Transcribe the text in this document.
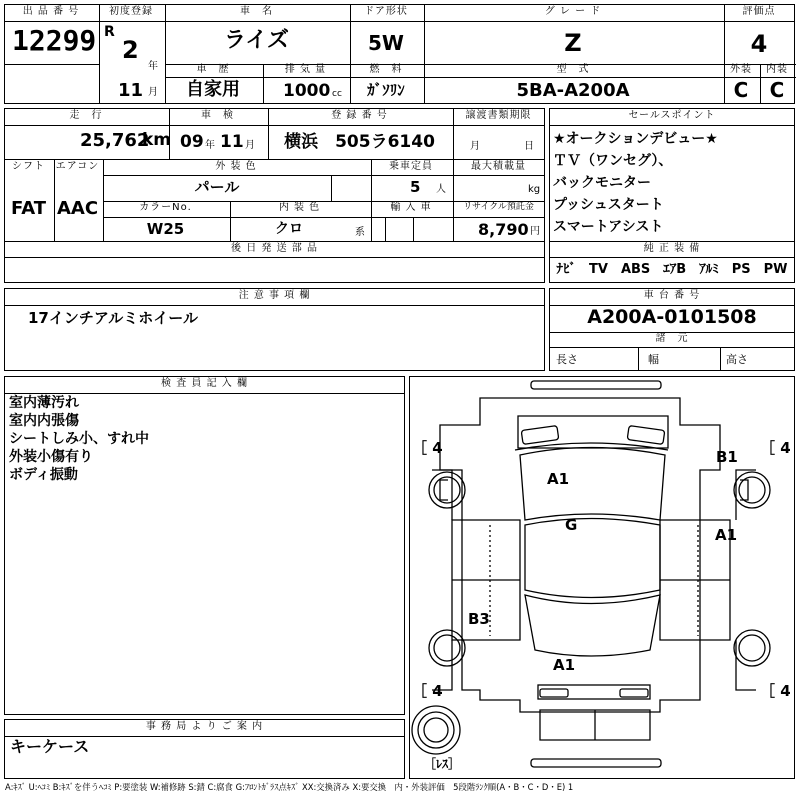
出 品 番 号
12299
初度登録
R
2
年
11 月
車　名
ライズ
ドア形状
5W
グ レ ー ド
Z
評価点
4
車　歴
自家用
排 気 量
1000 cc
燃　料
ｶﾞｿﾘﾝ
型　式
5BA-A200A
外装
C
内装
C
走　行
25,762
km
車　検
09 年 11 月
登 録 番 号
横浜　505ラ6140
譲渡書類期限
月	日
シフト
FAT
エアコン
AAC
外 装 色
パール
カラーNo.
W25
内 装 色
クロ	系
乗車定員
5 人
最大積載量
kg
輸 入 車	リサイクル預託金
8,790 円
後 日 発 送 部 品
セールスポイント
★オークションデビュー★
ＴＶ（ワンセグ）、
バックモニター
プッシュスタート
スマートアシスト
純 正 装 備
ﾅﾋﾞ　TV　ABS　ｴｱB　ｱﾙﾐ　PS　PW
注 意 事 項 欄
17インチアルミホイール
車 台 番 号
A200A-0101508
諸　元
長さ	幅	高さ
検 査 員 記 入 欄
室内薄汚れ
室内内張傷
シートしみ小、すれ中
外装小傷有り
ボディ振動
事 務 局 よ り ご 案 内
キーケース
［ 4	［ 4
［ 4	［ 4
A1
B1
G
A1
B3
A1
［ﾚｽ］
A:ｷｽﾞ U:ﾍｺﾐ B:ｷｽﾞを伴うﾍｺﾐ P:要塗装 W:補修跡 S:錆 C:腐食 G:ﾌﾛﾝﾄｶﾞﾗｽ点ｷｽﾞ XX:交換済み X:要交換　内・外装評価　5段階ﾗﾝｸ順(A・B・C・D・E) 1
